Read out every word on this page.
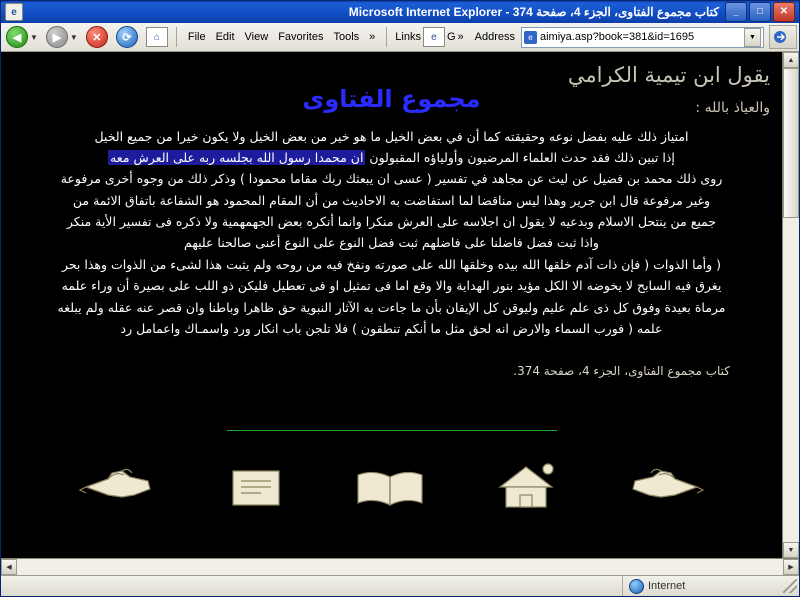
e	كتاب مجموع الفتاوى، الجزء 4، صفحة 374 - Microsoft Internet Explorer	_	□	✕
◀	▼	▶	▼	✕	⟳	⌂	File Edit View Favorites Tools » Links	e G » Address	e aimiya.asp?book=381&id=1695	▼
يقول ابن تيمية الكرامي
والعياذ بالله :
مجموع الفتاوى

امتياز ذلك عليه بفضل نوعه وحقيقته كما أن في بعض الخيل ما هو خير من بعض الخيل ولا يكون خيرا من جميع الخيل

إذا تبين ذلك فقد حدث العلماء المرضيون وأولياؤه المقبولون ان محمدا رسول الله بجلسه ربه على العرش معه

روى ذلك محمد بن فضيل عن ليث عن مجاهد في تفسير ( عسى ان يبعثك ربك مقاما محمودا ) وذكر ذلك من وجوه أخرى مرفوعة

وغير مرفوعة قال ابن جرير وهذا ليس مناقضا لما استفاضت به الاحاديث من أن المقام المحمود هو الشفاعة باتفاق الائمة من

جميع من ينتحل الاسلام وبدعيه لا يقول ان اجلاسه على العرش منكرا وانما أنكره بعض الجهمهمية ولا ذكره فى تفسير الأية منكر

واذا ثبت فضل فاضلنا على فاضلهم ثبت فضل النوع على النوع أعنى صالحنا عليهم

( وأما الذوات ( فإن ذات آدم خلقها الله بيده وخلقها الله على صورته ونفخ فيه من روحه ولم يثبت هذا لشىء من الذوات وهذا بحر

يغرق فيه السابح لا يخوضه الا الكل مؤيد بنور الهداية والا وقع اما فى تمثيل او فى تعطيل فليكن ذو اللب على بصيرة أن وراء علمه

مرماة بعيدة وفوق كل ذى علم عليم وليوقن كل الإيقان بأن ما جاءت به الآثار النبوية حق ظاهرا وباطنا وان قصر عنه عقله ولم يبلغه

علمه ( فورب السماء والارض انه لحق مثل ما أنكم تنطقون ) فلا تلجن باب انكار ورد واسمـاك واعمامل رد

كتاب مجموع الفتاوى، الجزء 4، صفحة 374.
▲
▼
◀	▶
Internet
